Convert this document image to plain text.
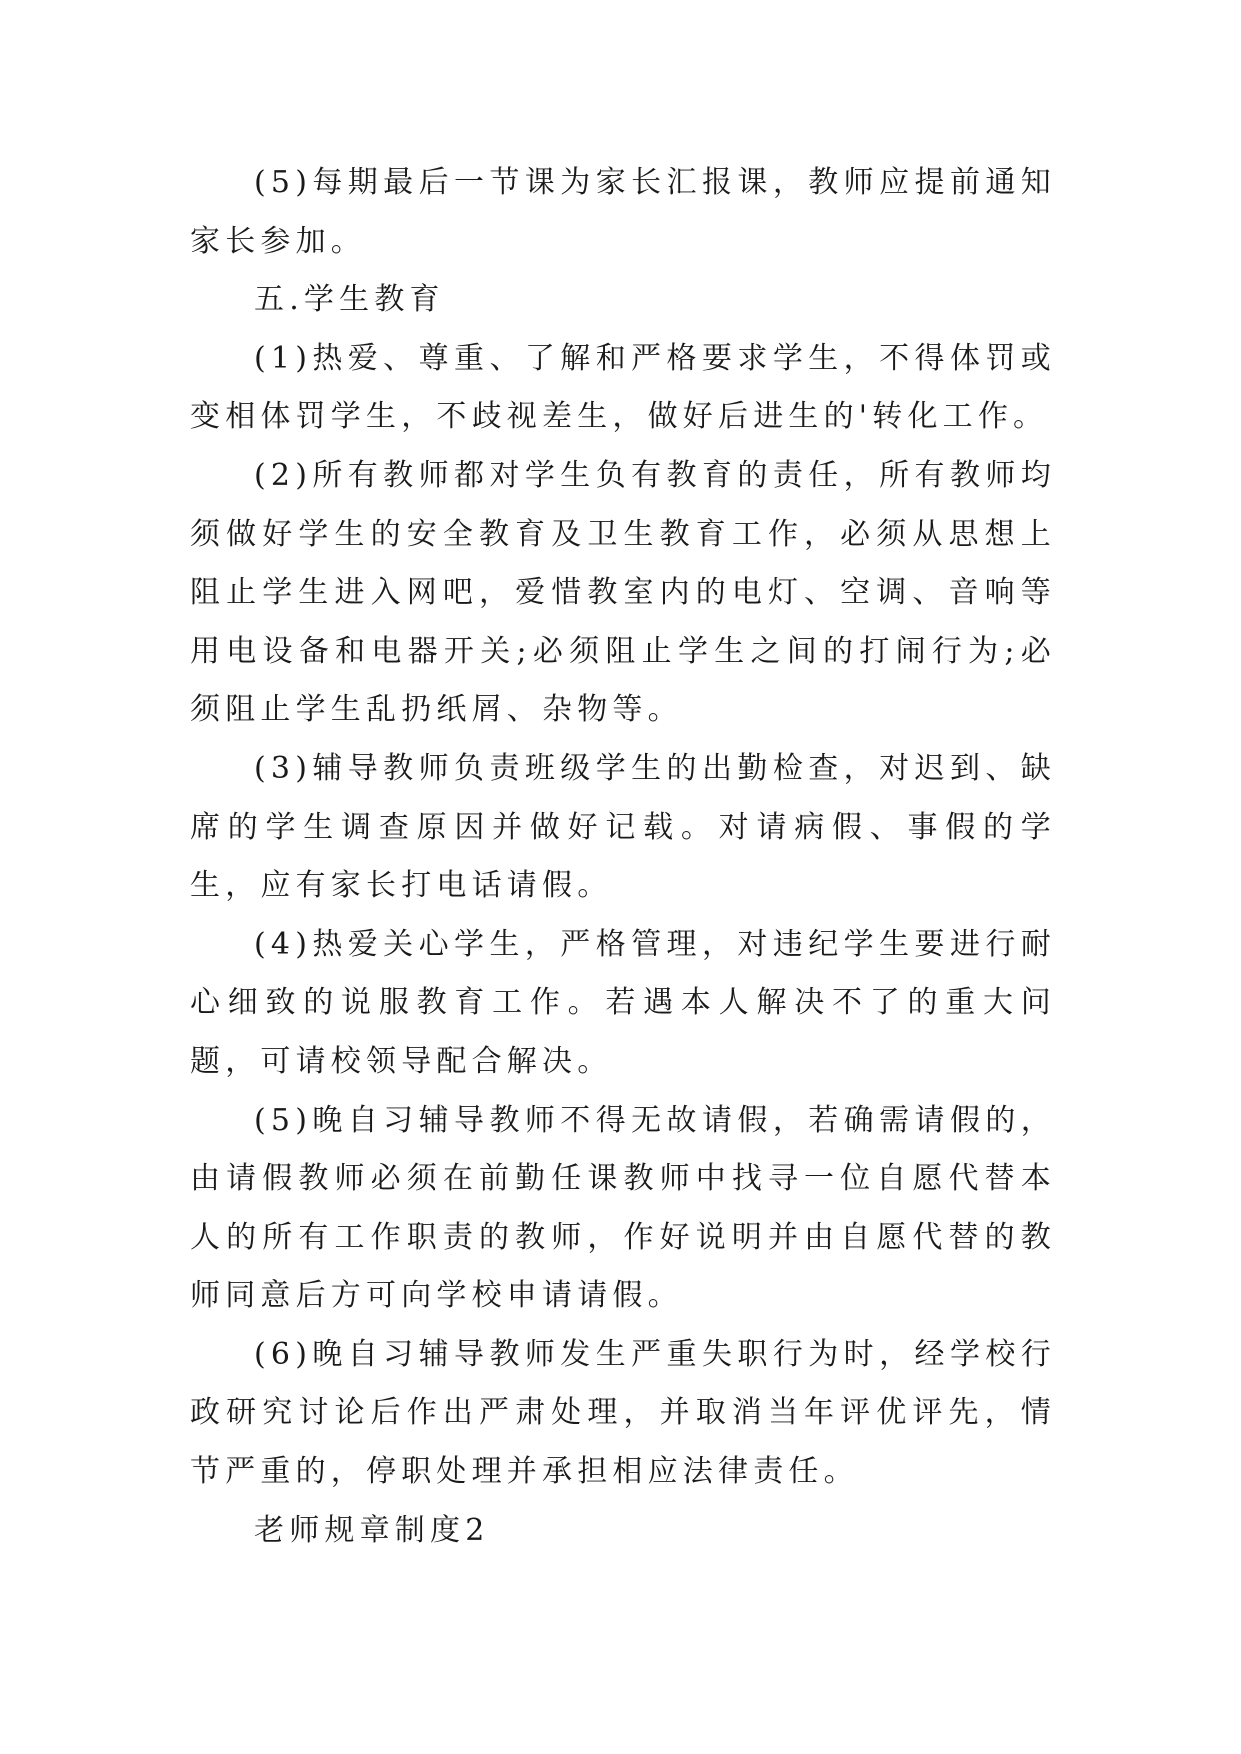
(5)每期最后一节课为家长汇报课，教师应提前通知家长参加。

五.学生教育

(1)热爱、尊重、了解和严格要求学生，不得体罚或变相体罚学生，不歧视差生，做好后进生的'转化工作。

(2)所有教师都对学生负有教育的责任，所有教师均须做好学生的安全教育及卫生教育工作，必须从思想上阻止学生进入网吧，爱惜教室内的电灯、空调、音响等用电设备和电器开关;必须阻止学生之间的打闹行为;必须阻止学生乱扔纸屑、杂物等。

(3)辅导教师负责班级学生的出勤检查，对迟到、缺席的学生调查原因并做好记载。对请病假、事假的学生，应有家长打电话请假。

(4)热爱关心学生，严格管理，对违纪学生要进行耐心细致的说服教育工作。若遇本人解决不了的重大问题，可请校领导配合解决。

(5)晚自习辅导教师不得无故请假，若确需请假的，由请假教师必须在前勤任课教师中找寻一位自愿代替本人的所有工作职责的教师，作好说明并由自愿代替的教师同意后方可向学校申请请假。

(6)晚自习辅导教师发生严重失职行为时，经学校行政研究讨论后作出严肃处理，并取消当年评优评先，情节严重的，停职处理并承担相应法律责任。

老师规章制度2
